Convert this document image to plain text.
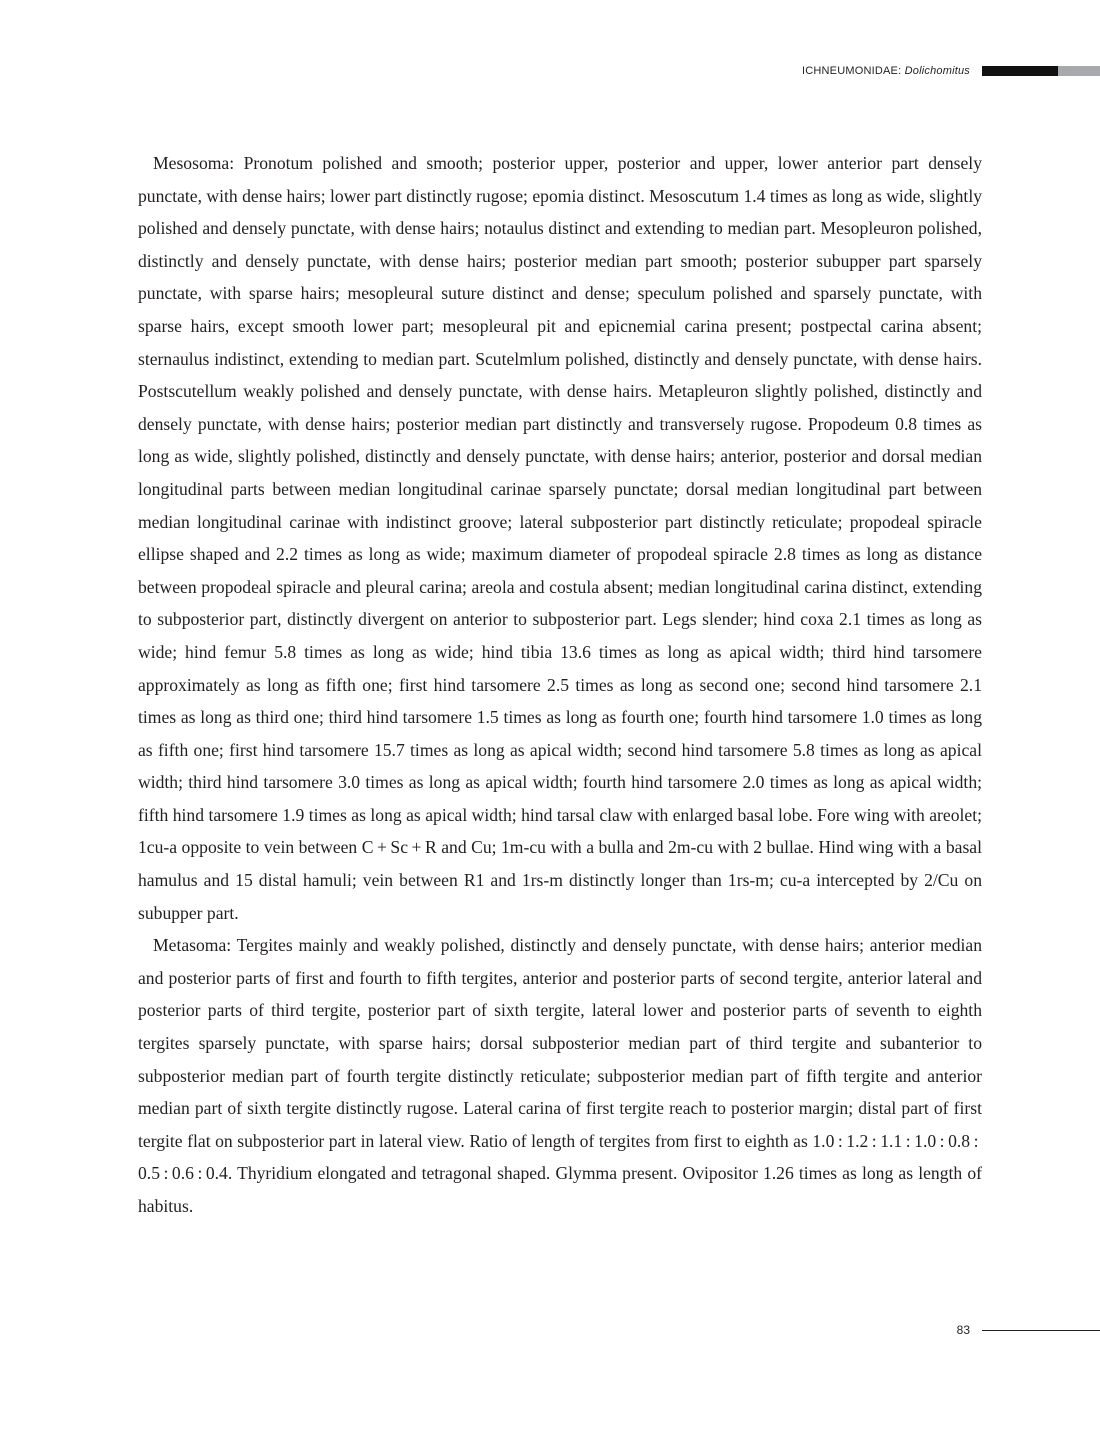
ICHNEUMONIDAE: Dolichomitus

Mesosoma: Pronotum polished and smooth; posterior upper, posterior and upper, lower anterior part densely punctate, with dense hairs; lower part distinctly rugose; epomia distinct. Mesoscutum 1.4 times as long as wide, slightly polished and densely punctate, with dense hairs; notaulus distinct and extending to median part. Mesopleuron polished, distinctly and densely punctate, with dense hairs; posterior median part smooth; posterior subupper part sparsely punctate, with sparse hairs; mesopleural suture distinct and dense; speculum polished and sparsely punctate, with sparse hairs, except smooth lower part; mesopleural pit and epicnemial carina present; postpectal carina absent; sternaulus indistinct, extending to median part. Scutelmlum polished, distinctly and densely punctate, with dense hairs. Postscutellum weakly polished and densely punctate, with dense hairs. Metapleuron slightly polished, distinctly and densely punctate, with dense hairs; posterior median part distinctly and transversely rugose. Propodeum 0.8 times as long as wide, slightly polished, distinctly and densely punctate, with dense hairs; anterior, posterior and dorsal median longitudinal parts between median longitudinal carinae sparsely punctate; dorsal median longitudinal part between median longitudinal carinae with indistinct groove; lateral subposterior part distinctly reticulate; propodeal spiracle ellipse shaped and 2.2 times as long as wide; maximum diameter of propodeal spiracle 2.8 times as long as distance between propodeal spiracle and pleural carina; areola and costula absent; median longitudinal carina distinct, extending to subposterior part, distinctly divergent on anterior to subposterior part. Legs slender; hind coxa 2.1 times as long as wide; hind femur 5.8 times as long as wide; hind tibia 13.6 times as long as apical width; third hind tarsomere approximately as long as fifth one; first hind tarsomere 2.5 times as long as second one; second hind tarsomere 2.1 times as long as third one; third hind tarsomere 1.5 times as long as fourth one; fourth hind tarsomere 1.0 times as long as fifth one; first hind tarsomere 15.7 times as long as apical width; second hind tarsomere 5.8 times as long as apical width; third hind tarsomere 3.0 times as long as apical width; fourth hind tarsomere 2.0 times as long as apical width; fifth hind tarsomere 1.9 times as long as apical width; hind tarsal claw with enlarged basal lobe. Fore wing with areolet; 1cu-a opposite to vein between C + Sc + R and Cu; 1m-cu with a bulla and 2m-cu with 2 bullae. Hind wing with a basal hamulus and 15 distal hamuli; vein between R1 and 1rs-m distinctly longer than 1rs-m; cu-a intercepted by 2/Cu on subupper part.

Metasoma: Tergites mainly and weakly polished, distinctly and densely punctate, with dense hairs; anterior median and posterior parts of first and fourth to fifth tergites, anterior and posterior parts of second tergite, anterior lateral and posterior parts of third tergite, posterior part of sixth tergite, lateral lower and posterior parts of seventh to eighth tergites sparsely punctate, with sparse hairs; dorsal subposterior median part of third tergite and subanterior to subposterior median part of fourth tergite distinctly reticulate; subposterior median part of fifth tergite and anterior median part of sixth tergite distinctly rugose. Lateral carina of first tergite reach to posterior margin; distal part of first tergite flat on subposterior part in lateral view. Ratio of length of tergites from first to eighth as 1.0 : 1.2 : 1.1 : 1.0 : 0.8 : 0.5 : 0.6 : 0.4. Thyridium elongated and tetragonal shaped. Glymma present. Ovipositor 1.26 times as long as length of habitus.

83
